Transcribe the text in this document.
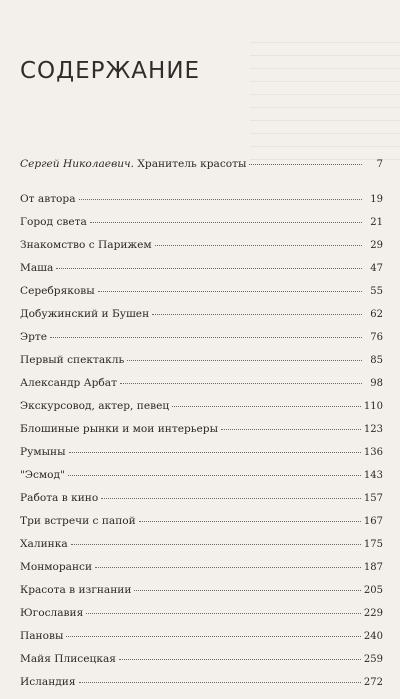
СОДЕРЖАНИЕ
Сергей Николаевич. Хранитель красоты	7
От автора	19
Город света	21
Знакомство с Парижем	29
Маша	47
Серебряковы	55
Добужинский и Бушен	62
Эрте	76
Первый спектакль	85
Александр Арбат	98
Экскурсовод, актер, певец	110
Блошиные рынки и мои интерьеры	123
Румыны	136
"Эсмод"	143
Работа в кино	157
Три встречи с папой	167
Халинка	175
Монморанси	187
Красота в изгнании	205
Югославия	229
Пановы	240
Майя Плисецкая	259
Исландия	272
